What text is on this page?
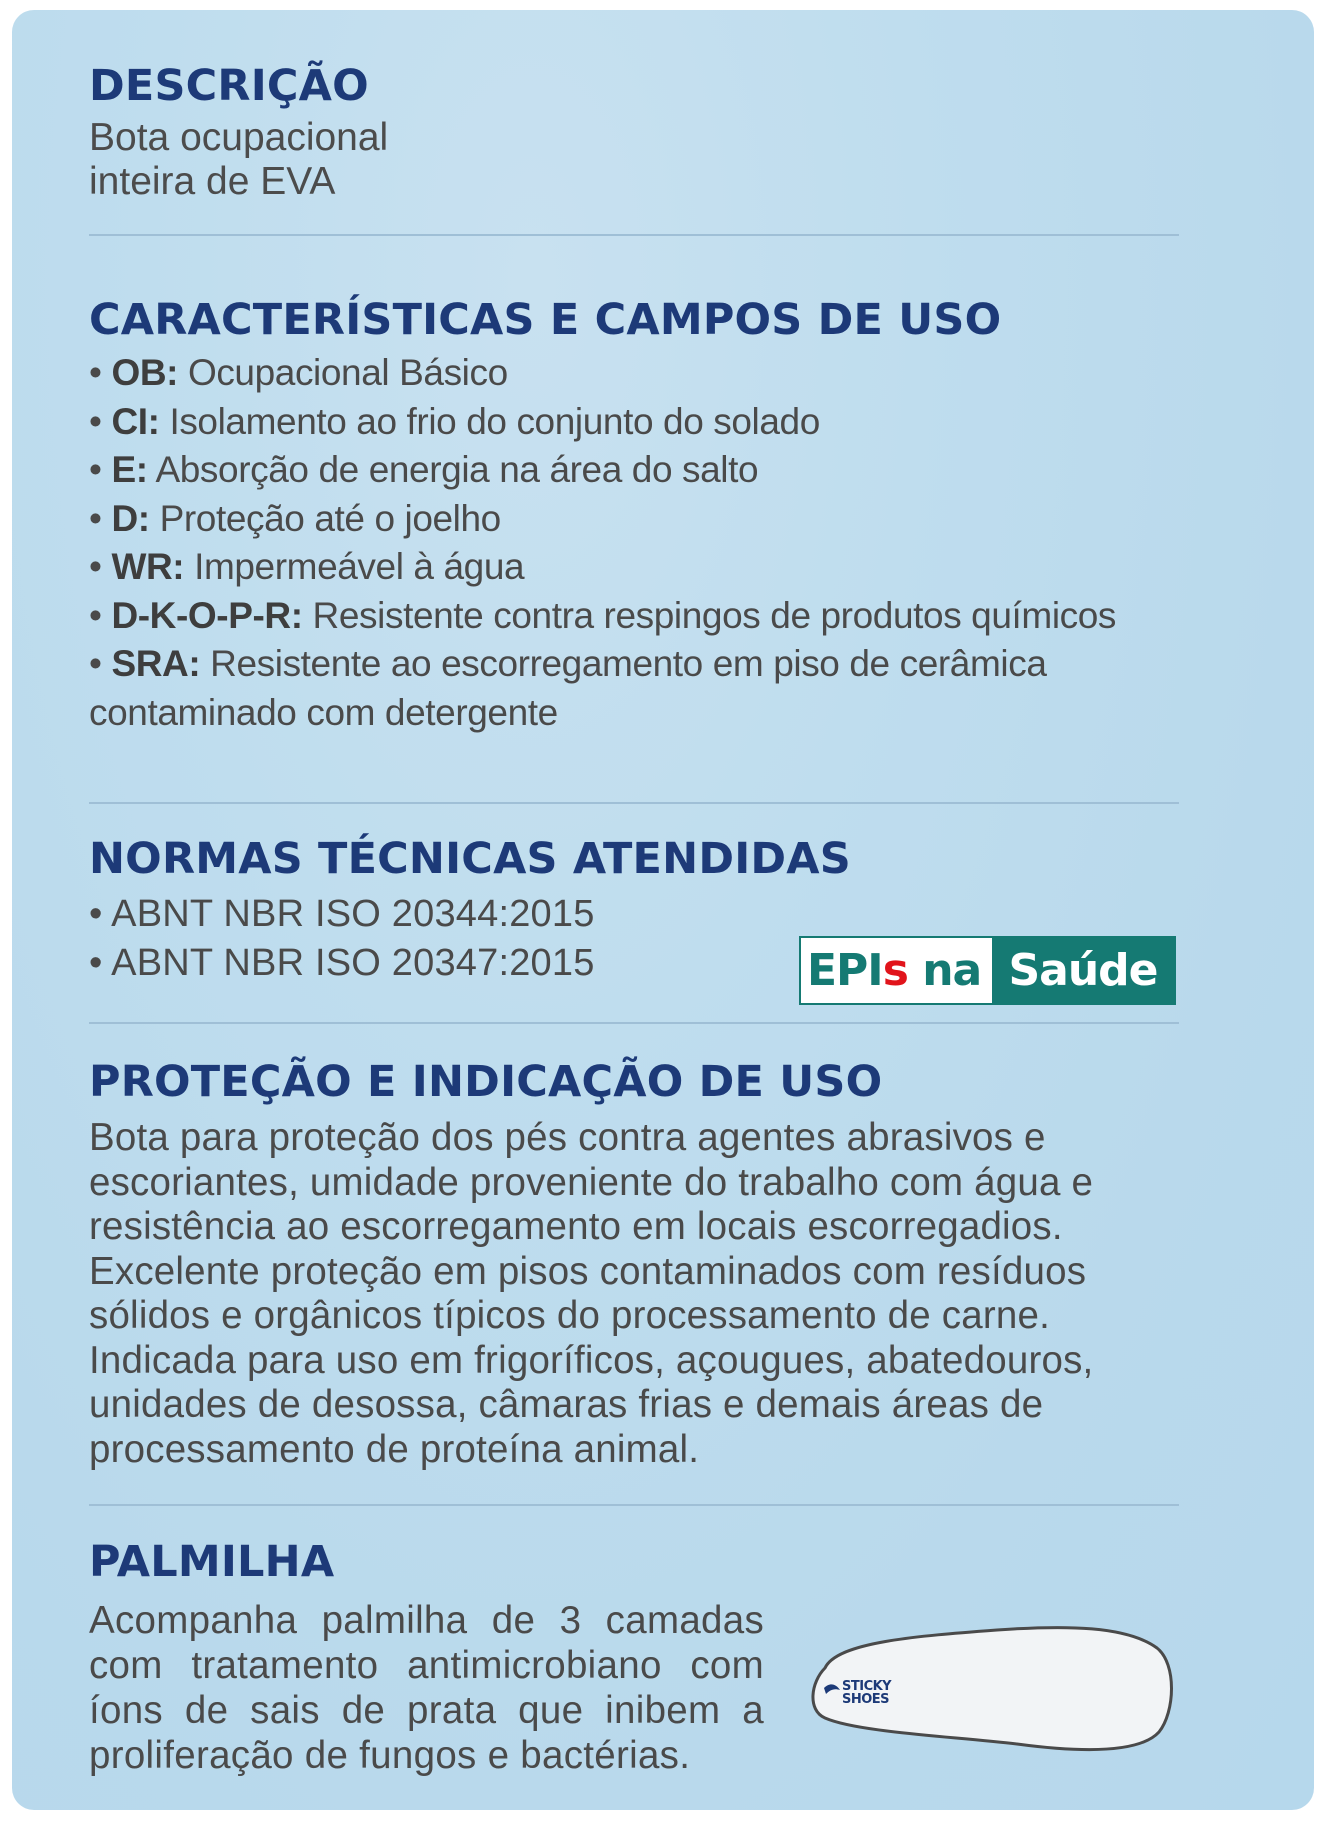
DESCRIÇÃO
Bota ocupacional
inteira de EVA
CARACTERÍSTICAS E CAMPOS DE USO
• OB: Ocupacional Básico
• CI: Isolamento ao frio do conjunto do solado
• E: Absorção de energia na área do salto
• D: Proteção até o joelho
• WR: Impermeável à água
• D-K-O-P-R: Resistente contra respingos de produtos químicos
• SRA: Resistente ao escorregamento em piso de cerâmica
contaminado com detergente
NORMAS TÉCNICAS ATENDIDAS
• ABNT NBR ISO 20344:2015
• ABNT NBR ISO 20347:2015
PROTEÇÃO E INDICAÇÃO DE USO
Bota para proteção dos pés contra agentes abrasivos e
escoriantes, umidade proveniente do trabalho com água e
resistência ao escorregamento em locais escorregadios.
Excelente proteção em pisos contaminados com resíduos
sólidos e orgânicos típicos do processamento de carne.
Indicada para uso em frigoríficos, açougues, abatedouros,
unidades de desossa, câmaras frias e demais áreas de
processamento de proteína animal.
PALMILHA
Acompanha palmilha de 3 camadas com tratamento antimicrobiano com íons de sais de prata que inibem a proliferação de fungos e bactérias.
EPI s na Saúde
STICKY
SHOES
